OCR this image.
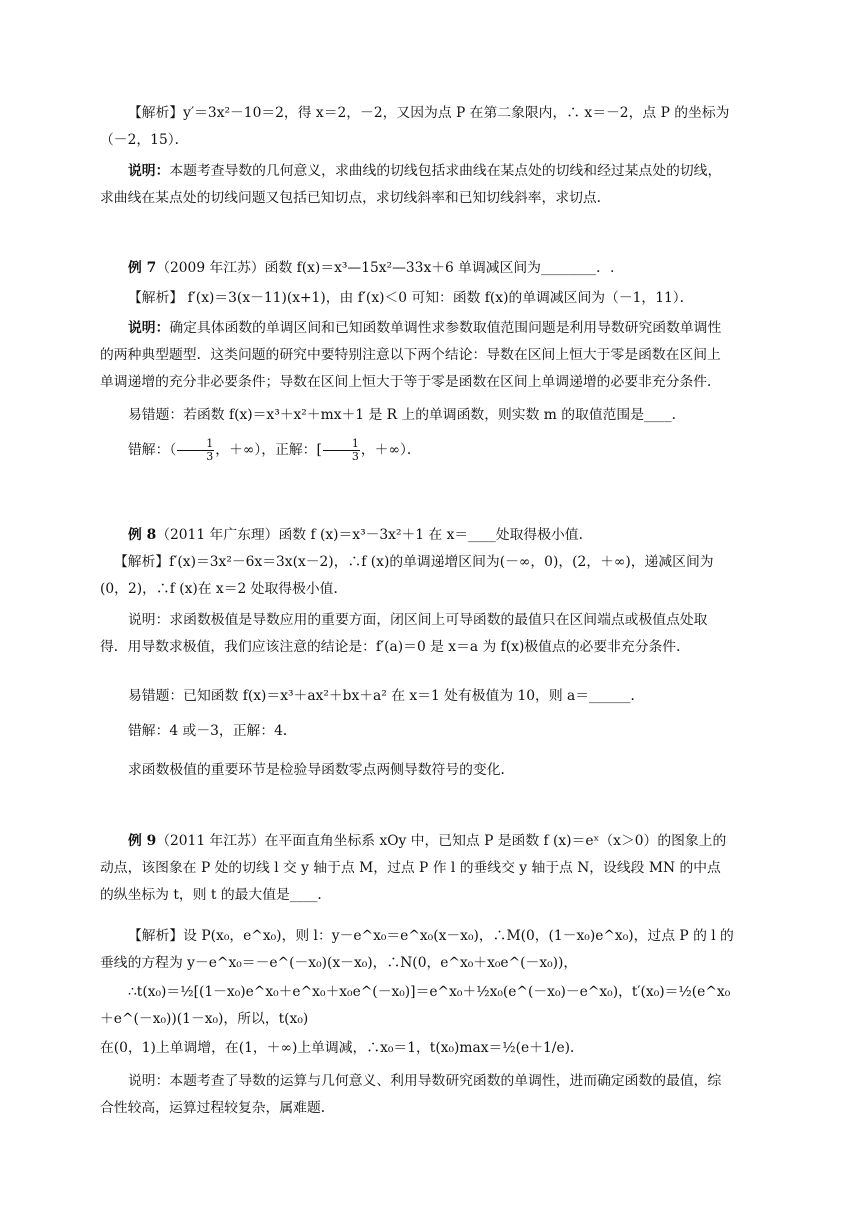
【解析】y′＝3x²－10＝2，得 x＝2，－2，又因为点 P 在第二象限内，∴ x＝－2，点 P 的坐标为（－2，15）．

说明：本题考查导数的几何意义，求曲线的切线包括求曲线在某点处的切线和经过某点处的切线，求曲线在某点处的切线问题又包括已知切点，求切线斜率和已知切线斜率，求切点．

例 7（2009 年江苏）函数 f(x)＝x³—15x²—33x＋6 单调减区间为________．.

【解析】 f′(x)＝3(x－11)(x+1)，由 f′(x)＜0 可知：函数 f(x)的单调减区间为（－1，11）．

说明：确定具体函数的单调区间和已知函数单调性求参数取值范围问题是利用导数研究函数单调性的两种典型题型．这类问题的研究中要特别注意以下两个结论：导数在区间上恒大于零是函数在区间上单调递增的充分非必要条件；导数在区间上恒大于等于零是函数在区间上单调递增的必要非充分条件．

易错题：若函数 f(x)＝x³＋x²＋mx＋1 是 R 上的单调函数，则实数 m 的取值范围是____．

错解：（ $\frac{1}{3}$ ，＋∞），正解：[ $\frac{1}{3}$ ，＋∞）．

例 8（2011 年广东理）函数 f (x)＝x³－3x²＋1 在 x＝____处取得极小值．

【解析】f′(x)＝3x²－6x＝3x(x－2)，∴f (x)的单调递增区间为(－∞，0)，(2，＋∞)，递减区间为(0，2)，∴f (x)在 x＝2 处取得极小值．

说明：求函数极值是导数应用的重要方面，闭区间上可导函数的最值只在区间端点或极值点处取得．用导数求极值，我们应该注意的结论是：f′(a)＝0 是 x＝a 为 f(x)极值点的必要非充分条件．

易错题：已知函数 f(x)＝x³＋ax²＋bx＋a² 在 x＝1 处有极值为 10，则 a＝______．

错解：4 或－3，正解：4．

求函数极值的重要环节是检验导函数零点两侧导数符号的变化．

例 9（2011 年江苏）在平面直角坐标系 xOy 中，已知点 P 是函数 f (x)＝eˣ（x＞0）的图象上的动点，该图象在 P 处的切线 l 交 y 轴于点 M，过点 P 作 l 的垂线交 y 轴于点 N，设线段 MN 的中点的纵坐标为 t，则 t 的最大值是____．

【解析】设 P(x₀，e^x₀)，则 l：y－e^x₀＝e^x₀(x－x₀)，∴M(0，(1－x₀)e^x₀)，过点 P 的 l 的垂线的方程为 y－e^x₀＝－e^(－x₀)(x－x₀)，∴N(0，e^x₀＋x₀e^(－x₀))，

∴t(x₀)＝½[(1－x₀)e^x₀＋e^x₀＋x₀e^(－x₀)]＝e^x₀＋½x₀(e^(－x₀)－e^x₀)，t′(x₀)＝½(e^x₀＋e^(－x₀))(1－x₀)，所以，t(x₀)

在(0，1)上单调增，在(1，＋∞)上单调减，∴x₀＝1，t(x₀)max＝½(e＋1/e)．

说明：本题考查了导数的运算与几何意义、利用导数研究函数的单调性，进而确定函数的最值，综合性较高，运算过程较复杂，属难题．
